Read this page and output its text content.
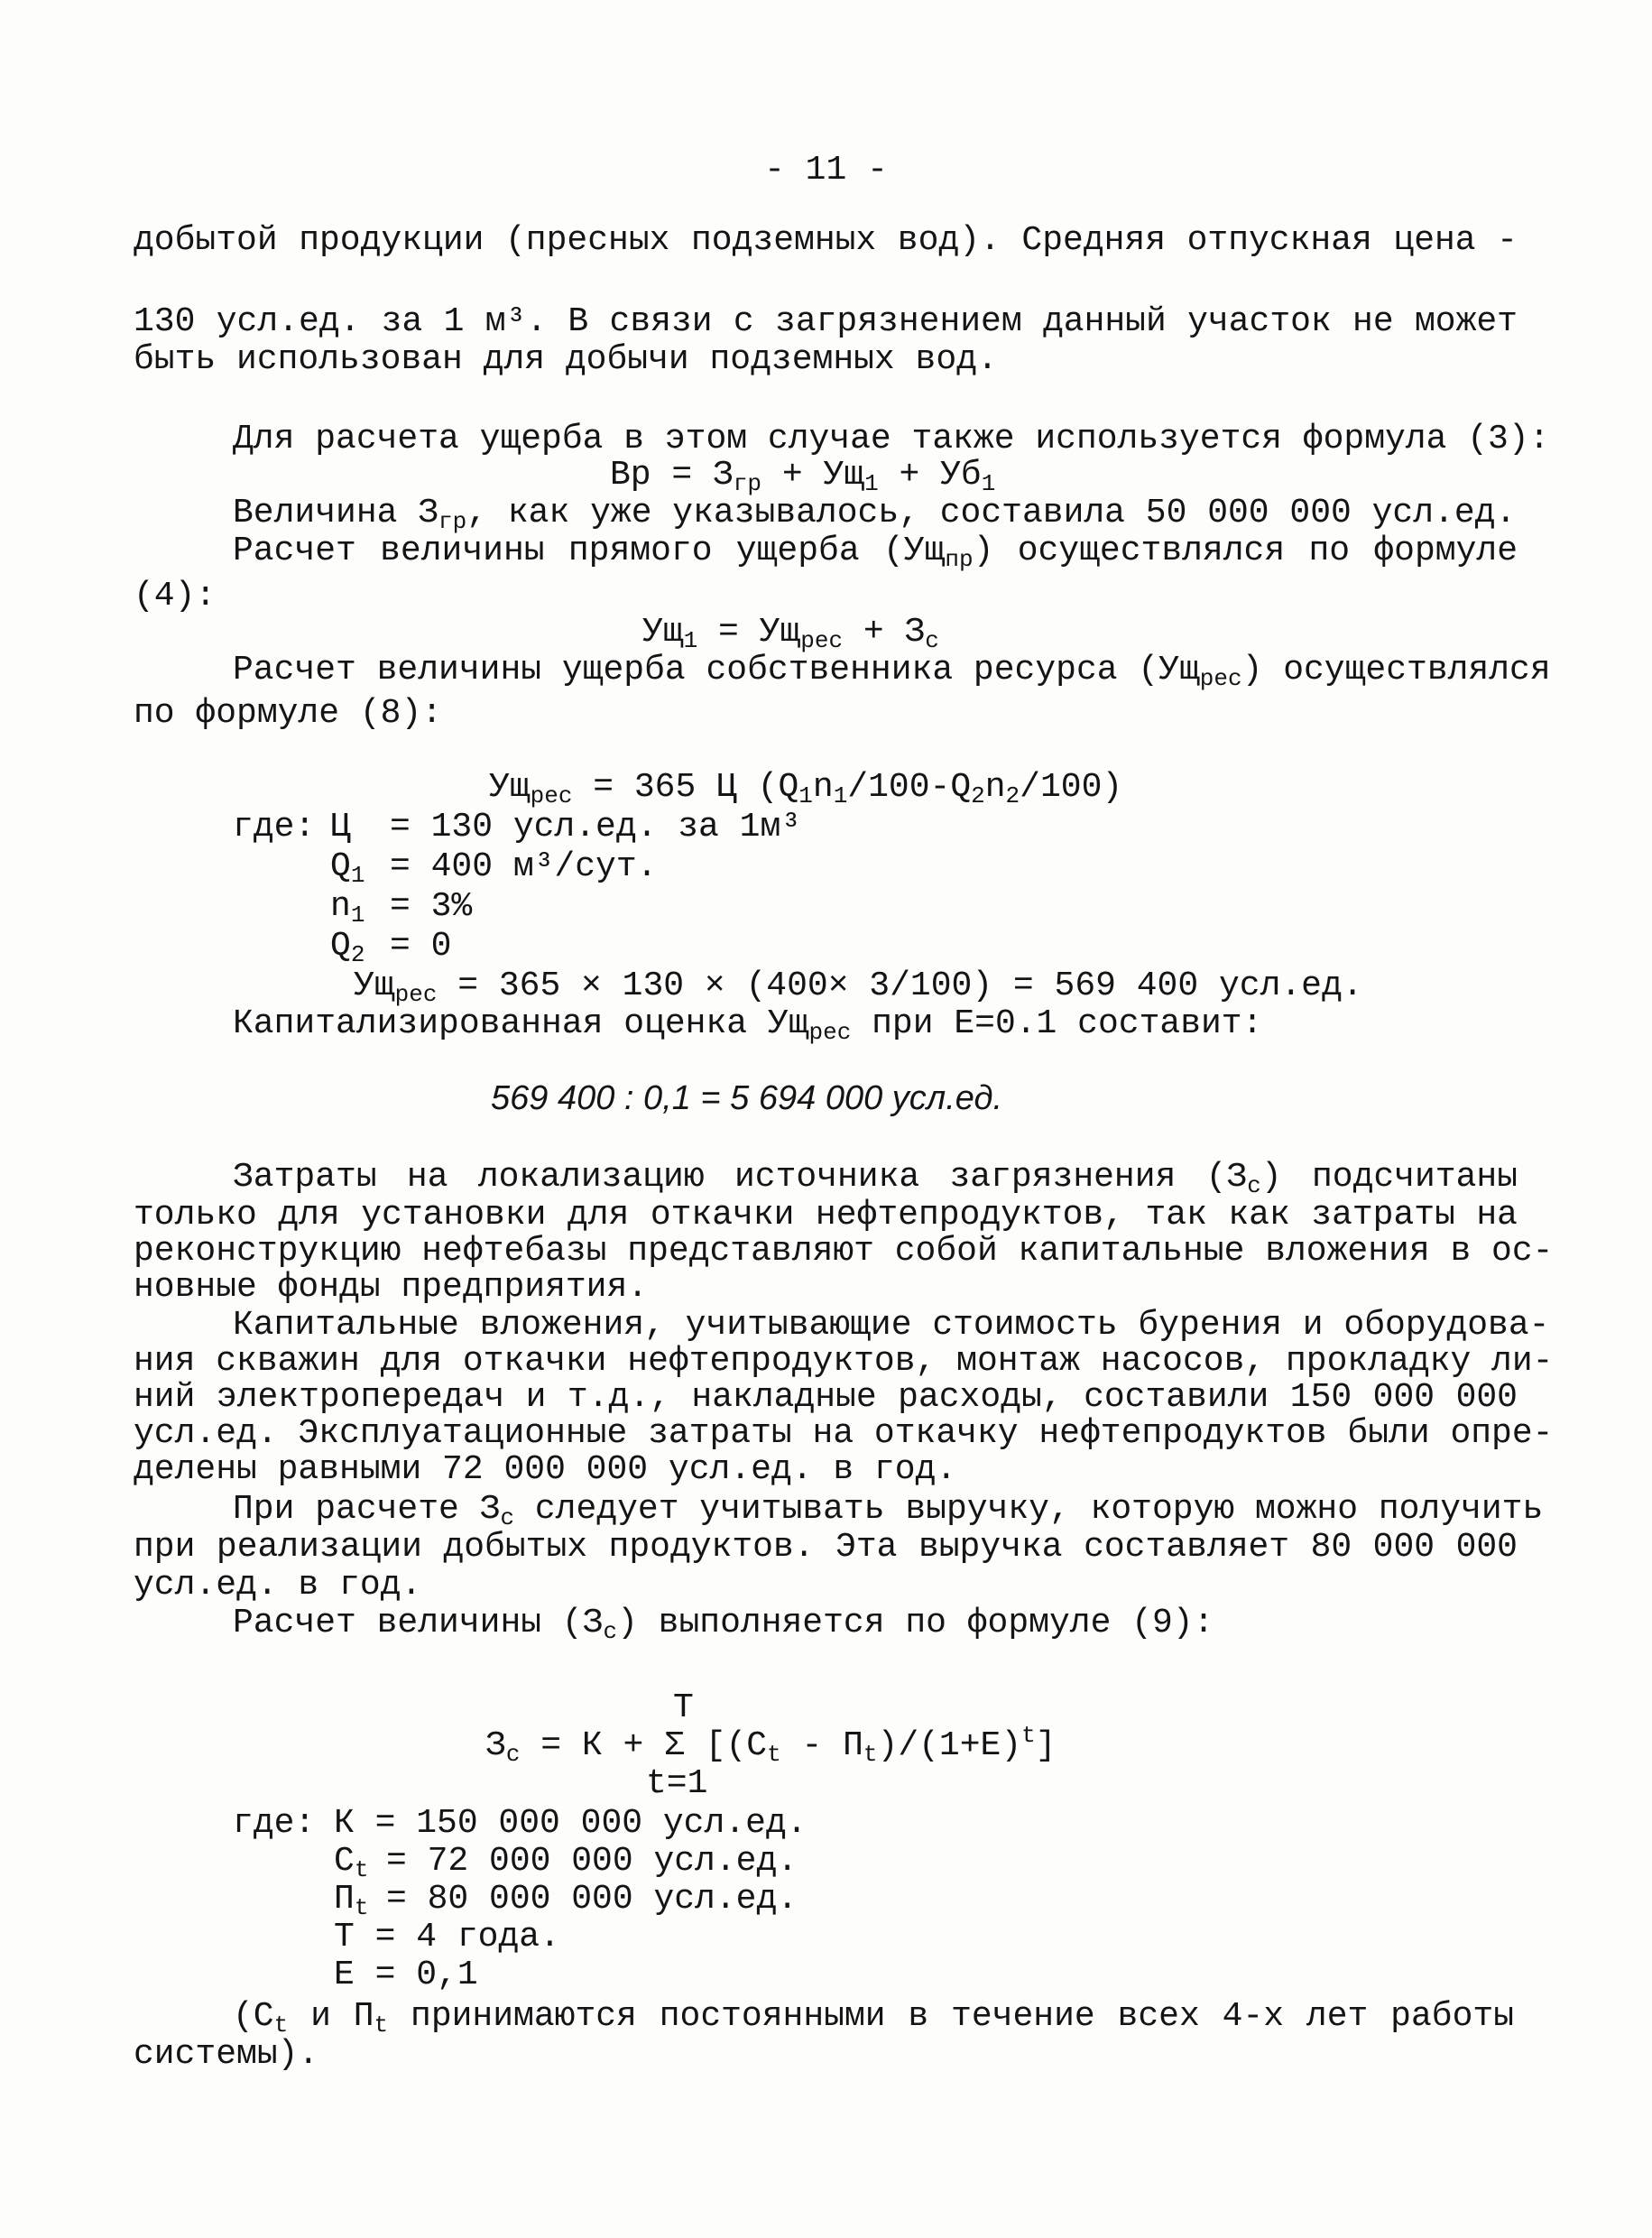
- 11 -
добытой продукции (пресных подземных вод). Средняя отпускная цена -
130 усл.ед. за 1 м³. В связи с загрязнением данный участок не может
быть использован для добычи подземных вод.
Для расчета ущерба в этом случае также используется формула (3):
Вр = $З_{гр} + Ущ_1 + Уб_1$
Величина $З_{гр}$, как уже указывалось, составила 50 000 000 усл.ед.
Расчет величины прямого ущерба $(Ущ_{пр})$ осуществлялся по формуле
(4):
$Ущ_1 = Ущ_{рес} + З_с$
Расчет величины ущерба собственника ресурса $(Ущ_{рес})$ осуществлялся
по формуле (8):
$Ущ_{рес} = 365$ Ц $(Q_1n_1/100-Q_2n_2/100)$
где: Ц = 130 усл.ед. за 1м³
$Q_1 = 400$ м³/сут.
$n_1 = 3\%$
$Q_2 = 0$
$Ущ_{рес} = 365 \times 130 \times (400\times 3/100) = 569$ 400 усл.ед.
Капитализированная оценка $Ущ_{рес}$ при Е=0.1 составит:
569 400 : 0,1 = 5 694 000 усл.ед.
Затраты на локализацию источника загрязнения $(З_с)$ подсчитаны
только для установки для откачки нефтепродуктов, так как затраты на
реконструкцию нефтебазы представляют собой капитальные вложения в ос-
новные фонды предприятия.
Капитальные вложения, учитывающие стоимость бурения и оборудова-
ния скважин для откачки нефтепродуктов, монтаж насосов, прокладку ли-
ний электропередач и т.д., накладные расходы, составили 150 000 000
усл.ед. Эксплуатационные затраты на откачку нефтепродуктов были опре-
делены равными 72 000 000 усл.ед. в год.
При расчете $З_с$ следует учитывать выручку, которую можно получить
при реализации добытых продуктов. Эта выручка составляет 80 000 000
усл.ед. в год.
Расчет величины $(З_с)$ выполняется по формуле (9):
T
$З_с = К + \Sigma$ $[(С_t - П_t)/(1+E)^t]$
t=1
где: К = 150 000 000 усл.ед.
$С_t = 72$ 000 000 усл.ед.
$П_t = 80$ 000 000 усл.ед.
Т = 4 года.
Е = 0,1
($С_t$ и $П_t$ принимаются постоянными в течение всех 4-х лет работы
системы).
